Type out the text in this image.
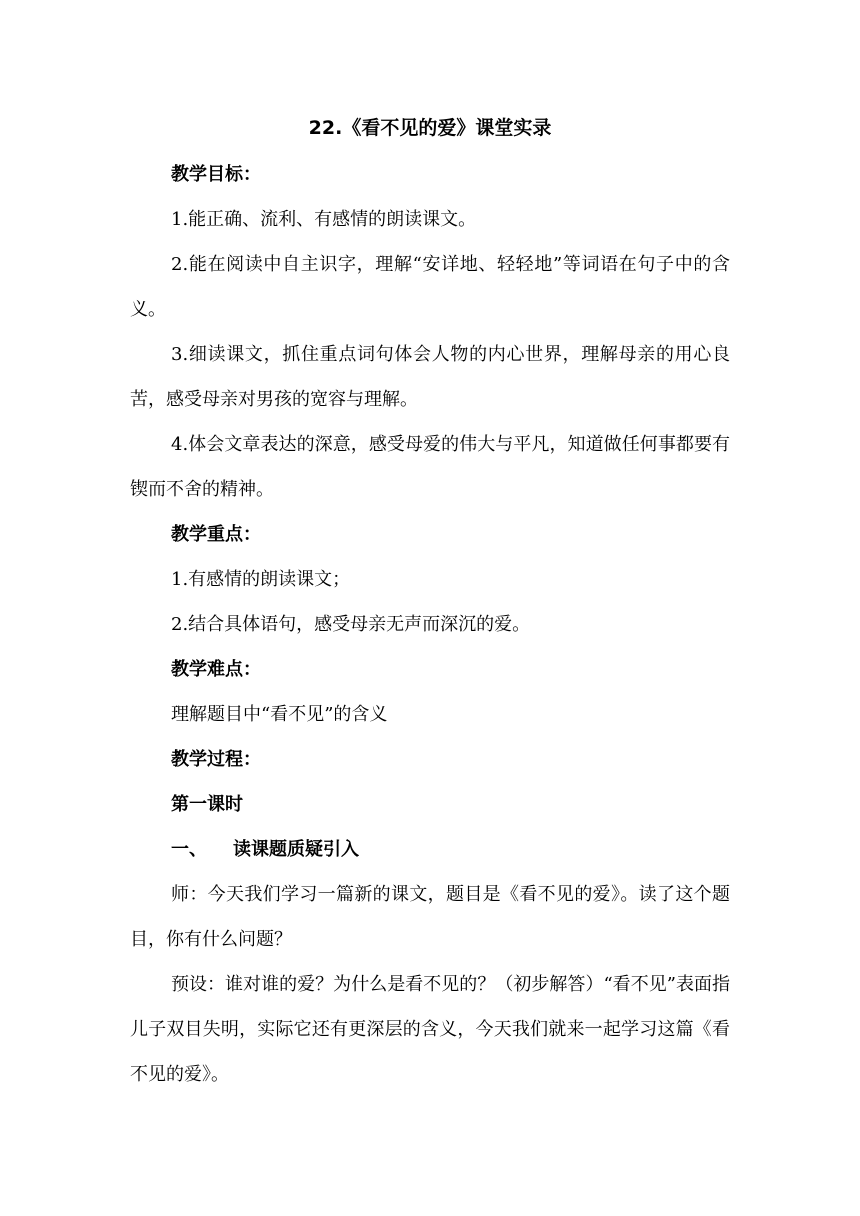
22.《看不见的爱》课堂实录

教学目标：

1.能正确、流利、有感情的朗读课文。

2.能在阅读中自主识字，理解“安详地、轻轻地”等词语在句子中的含义。

3.细读课文，抓住重点词句体会人物的内心世界，理解母亲的用心良苦，感受母亲对男孩的宽容与理解。

4.体会文章表达的深意，感受母爱的伟大与平凡，知道做任何事都要有锲而不舍的精神。

教学重点：

1.有感情的朗读课文；

2.结合具体语句，感受母亲无声而深沉的爱。

教学难点：

理解题目中“看不见”的含义

教学过程：

第一课时

一、 读课题质疑引入

师：今天我们学习一篇新的课文，题目是《看不见的爱》。读了这个题目，你有什么问题？

预设：谁对谁的爱？为什么是看不见的？（初步解答）“看不见”表面指儿子双目失明，实际它还有更深层的含义，今天我们就来一起学习这篇《看不见的爱》。
